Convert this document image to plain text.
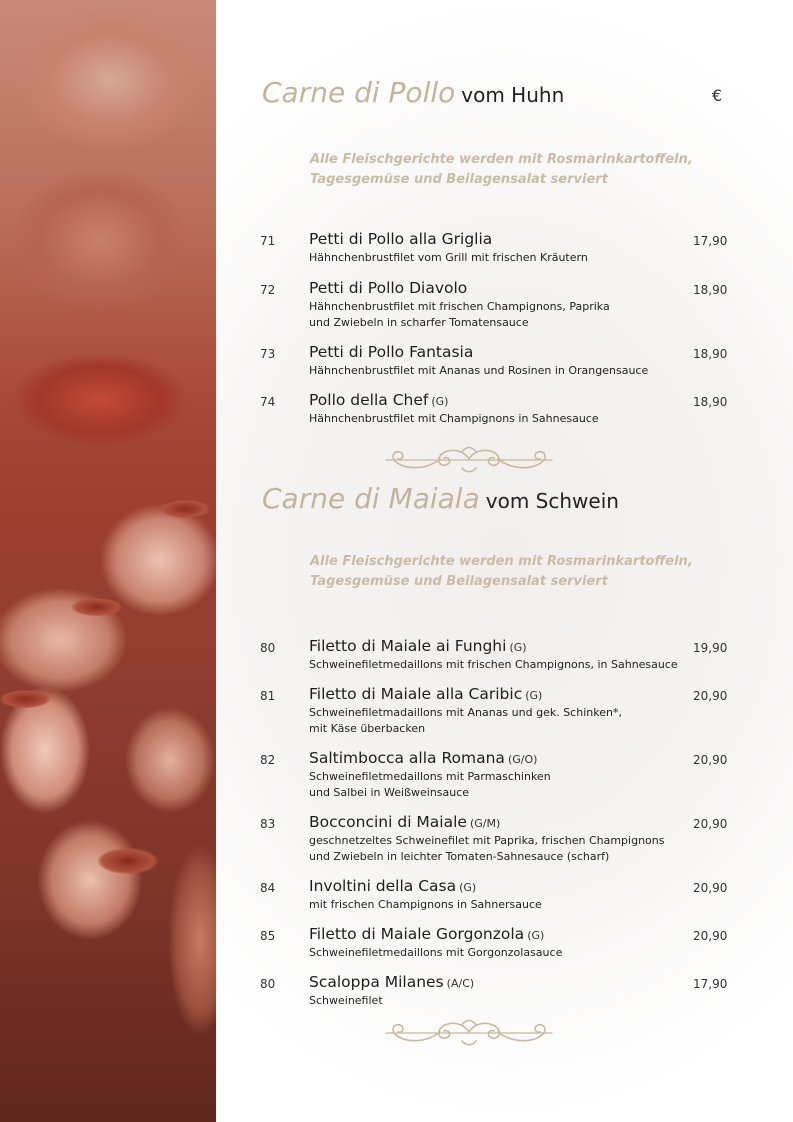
Carne di Pollo vom Huhn	€

Alle Fleischgerichte werden mit Rosmarinkartoffeln,
Tagesgemüse und Beilagensalat serviert

71 Petti di Pollo alla Griglia
Hähnchenbrustfilet vom Grill mit frischen Kräutern
17,90
72 Petti di Pollo Diavolo
Hähnchenbrustfilet mit frischen Champignons, Paprika
und Zwiebeln in scharfer Tomatensauce
18,90
73 Petti di Pollo Fantasia
Hähnchenbrustfilet mit Ananas und Rosinen in Orangensauce
18,90
74 Pollo della Chef (G)
Hähnchenbrustfilet mit Champignons in Sahnesauce
18,90
Carne di Maiala vom Schwein

Alle Fleischgerichte werden mit Rosmarinkartoffeln,
Tagesgemüse und Beilagensalat serviert

80 Filetto di Maiale ai Funghi (G)
Schweinefiletmedaillons mit frischen Champignons, in Sahnesauce
19,90
81 Filetto di Maiale alla Caribic (G)
Schweinefiletmadaillons mit Ananas und gek. Schinken*,
mit Käse überbacken
20,90
82 Saltimbocca alla Romana (G/O)
Schweinefiletmedaillons mit Parmaschinken
und Salbei in Weißweinsauce
20,90
83 Bocconcini di Maiale (G/M)
geschnetzeltes Schweinefilet mit Paprika, frischen Champignons
und Zwiebeln in leichter Tomaten-Sahnesauce (scharf)
20,90
84 Involtini della Casa (G)
mit frischen Champignons in Sahnersauce
20,90
85 Filetto di Maiale Gorgonzola (G)
Schweinefiletmedaillons mit Gorgonzolasauce
20,90
80 Scaloppa Milanes (A/C)
Schweinefilet
17,90
